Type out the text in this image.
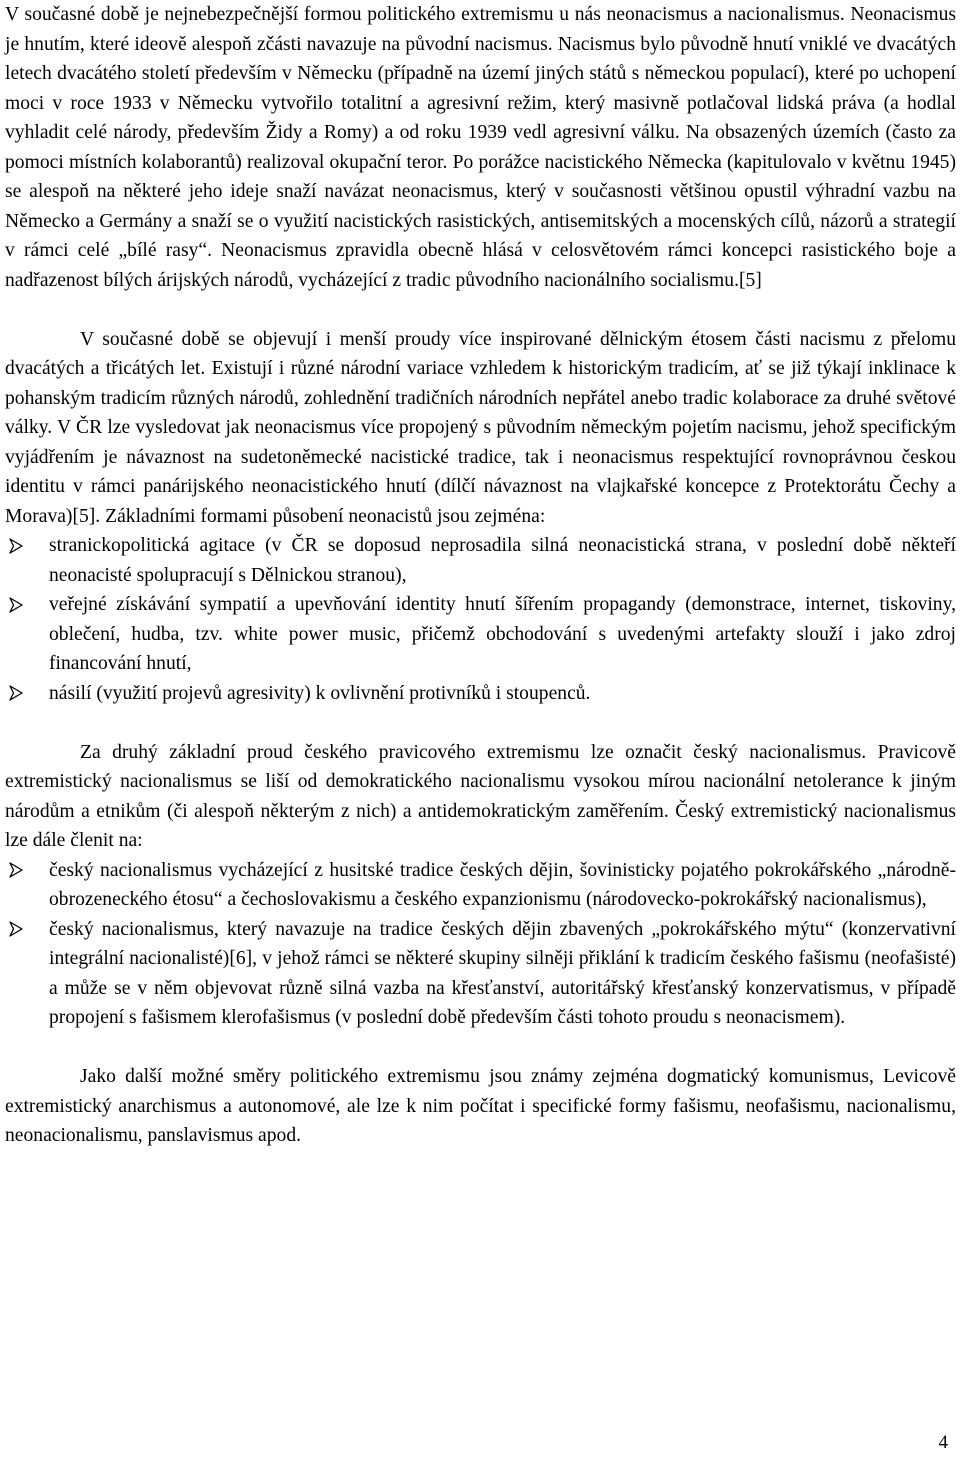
V současné době je nejnebezpečnější formou politického extremismu u nás neonacismus a nacionalismus. Neonacismus je hnutím, které ideově alespoň zčásti navazuje na původní nacismus. Nacismus bylo původně hnutí vniklé ve dvacátých letech dvacátého století především v Německu (případně na území jiných států s německou populací), které po uchopení moci v roce 1933 v Německu vytvořilo totalitní a agresivní režim, který masivně potlačoval lidská práva (a hodlal vyhladit celé národy, především Židy a Romy) a od roku 1939 vedl agresivní válku. Na obsazených územích (často za pomoci místních kolaborantů) realizoval okupační teror. Po porážce nacistického Německa (kapitulovalo v květnu 1945) se alespoň na některé jeho ideje snaží navázat neonacismus, který v současnosti většinou opustil výhradní vazbu na Německo a Germány a snaží se o využití nacistických rasistických, antisemitských a mocenských cílů, názorů a strategií v rámci celé „bílé rasy“. Neonacismus zpravidla obecně hlásá v celosvětovém rámci koncepci rasistického boje a nadřazenost bílých árijských národů, vycházející z tradic původního nacionálního socialismu.[5]

V současné době se objevují i menší proudy více inspirované dělnickým étosem části nacismu z přelomu dvacátých a třicátých let. Existují i různé národní variace vzhledem k historickým tradicím, ať se již týkají inklinace k pohanským tradicím různých národů, zohlednění tradičních národních nepřátel anebo tradic kolaborace za druhé světové války. V ČR lze vysledovat jak neonacismus více propojený s původním německým pojetím nacismu, jehož specifickým vyjádřením je návaznost na sudetoněmecké nacistické tradice, tak i neonacismus respektující rovnoprávnou českou identitu v rámci panárijského neonacistického hnutí (dílčí návaznost na vlajkařské koncepce z Protektorátu Čechy a Morava)[5]. Základními formami působení neonacistů jsou zejména:

stranickopolitická agitace (v ČR se doposud neprosadila silná neonacistická strana, v poslední době někteří neonacisté spolupracují s Dělnickou stranou),
veřejné získávání sympatií a upevňování identity hnutí šířením propagandy (demonstrace, internet, tiskoviny, oblečení, hudba, tzv. white power music, přičemž obchodování s uvedenými artefakty slouží i jako zdroj financování hnutí,
násilí (využití projevů agresivity) k ovlivnění protivníků i stoupenců.

Za druhý základní proud českého pravicového extremismu lze označit český nacionalismus. Pravicově extremistický nacionalismus se liší od demokratického nacionalismu vysokou mírou nacionální netolerance k jiným národům a etnikům (či alespoň některým z nich) a antidemokratickým zaměřením. Český extremistický nacionalismus lze dále členit na:

český nacionalismus vycházející z husitské tradice českých dějin, šovinisticky pojatého pokrokářského „národně-obrozeneckého étosu“ a čechoslovakismu a českého expanzionismu (národovecko-pokrokářský nacionalismus),
český nacionalismus, který navazuje na tradice českých dějin zbavených „pokrokářského mýtu“ (konzervativní integrální nacionalisté)[6], v jehož rámci se některé skupiny silněji přiklání k tradicím českého fašismu (neofašisté) a může se v něm objevovat různě silná vazba na křesťanství, autoritářský křesťanský konzervatismus, v případě propojení s fašismem klerofašismus (v poslední době především části tohoto proudu s neonacismem).

Jako další možné směry politického extremismu jsou známy zejména dogmatický komunismus, Levicově extremistický anarchismus a autonomové, ale lze k nim počítat i specifické formy fašismu, neofašismu, nacionalismu, neonacionalismu, panslavismus apod.

4
